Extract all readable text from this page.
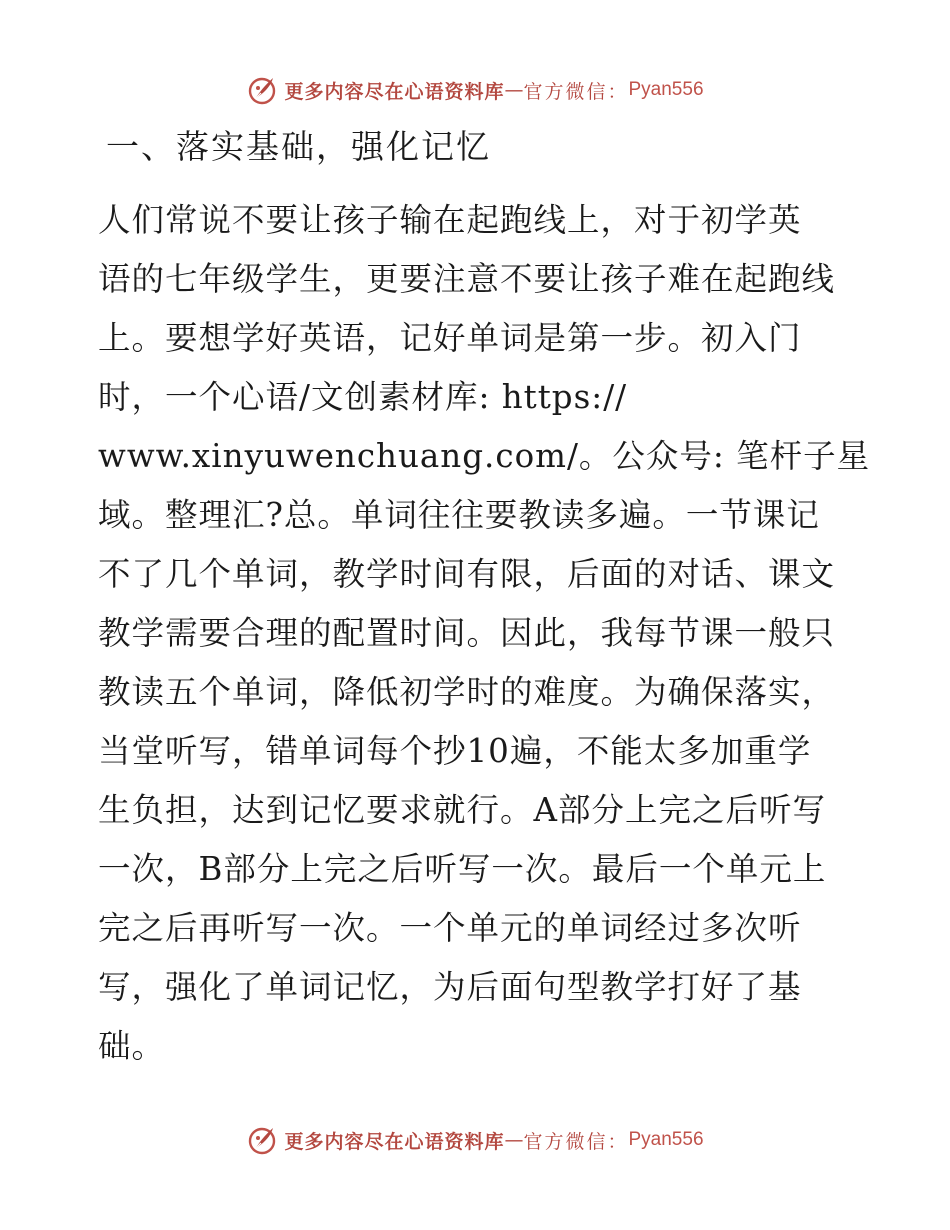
更多内容尽在心语资料库 — 官方微信： Pyan556
一、落实基础，强化记忆
人们常说不要让孩子输在起跑线上，对于初学英
语的七年级学生，更要注意不要让孩子难在起跑线
上。要想学好英语，记好单词是第一步。初入门
时，一个心语/文创素材库: https://
www.xinyuwenchuang.com/。公众号: 笔杆子星
域。整理汇?总。单词往往要教读多遍。一节课记
不了几个单词，教学时间有限，后面的对话、课文
教学需要合理的配置时间。因此，我每节课一般只
教读五个单词，降低初学时的难度。为确保落实，
当堂听写，错单词每个抄10遍，不能太多加重学
生负担，达到记忆要求就行。A部分上完之后听写
一次，B部分上完之后听写一次。最后一个单元上
完之后再听写一次。一个单元的单词经过多次听
写，强化了单词记忆，为后面句型教学打好了基
础。
更多内容尽在心语资料库 — 官方微信： Pyan556
